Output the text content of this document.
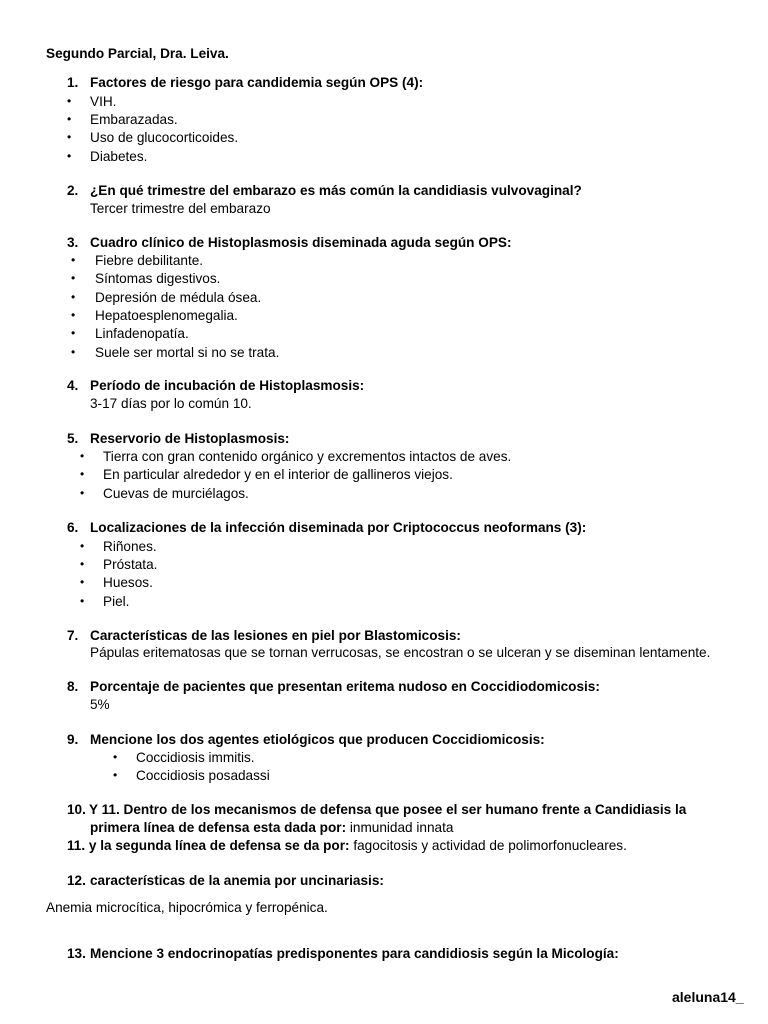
Segundo Parcial, Dra. Leiva.
1. Factores de riesgo para candidemia según OPS (4):
• VIH.
• Embarazadas.
• Uso de glucocorticoides.
• Diabetes.
2. ¿En qué trimestre del embarazo es más común la candidiasis vulvovaginal?
Tercer trimestre del embarazo
3. Cuadro clínico de Histoplasmosis diseminada aguda según OPS:
• Fiebre debilitante.
• Síntomas digestivos.
• Depresión de médula ósea.
• Hepatoesplenomegalia.
• Linfadenopatía.
• Suele ser mortal si no se trata.
4. Período de incubación de Histoplasmosis:
3-17 días por lo común 10.
5. Reservorio de Histoplasmosis:
• Tierra con gran contenido orgánico y excrementos intactos de aves.
• En particular alrededor y en el interior de gallineros viejos.
• Cuevas de murciélagos.
6. Localizaciones de la infección diseminada por Criptococcus neoformans (3):
• Riñones.
• Próstata.
• Huesos.
• Piel.
7. Características de las lesiones en piel por Blastomicosis:
Pápulas eritematosas que se tornan verrucosas, se encostran o se ulceran y se diseminan lentamente.
8. Porcentaje de pacientes que presentan eritema nudoso en Coccidiodomicosis:
5%
9. Mencione los dos agentes etiológicos que producen Coccidiomicosis:
• Coccidiosis immitis.
• Coccidiosis posadassi
10. Y 11. Dentro de los mecanismos de defensa que posee el ser humano frente a Candidiasis la
primera línea de defensa esta dada por: inmunidad innata
11. y la segunda línea de defensa se da por: fagocitosis y actividad de polimorfonucleares.
12. características de la anemia por uncinariasis:
Anemia microcítica, hipocrómica y ferropénica.
13. Mencione 3 endocrinopatías predisponentes para candidiosis según la Micología:
aleluna14_
